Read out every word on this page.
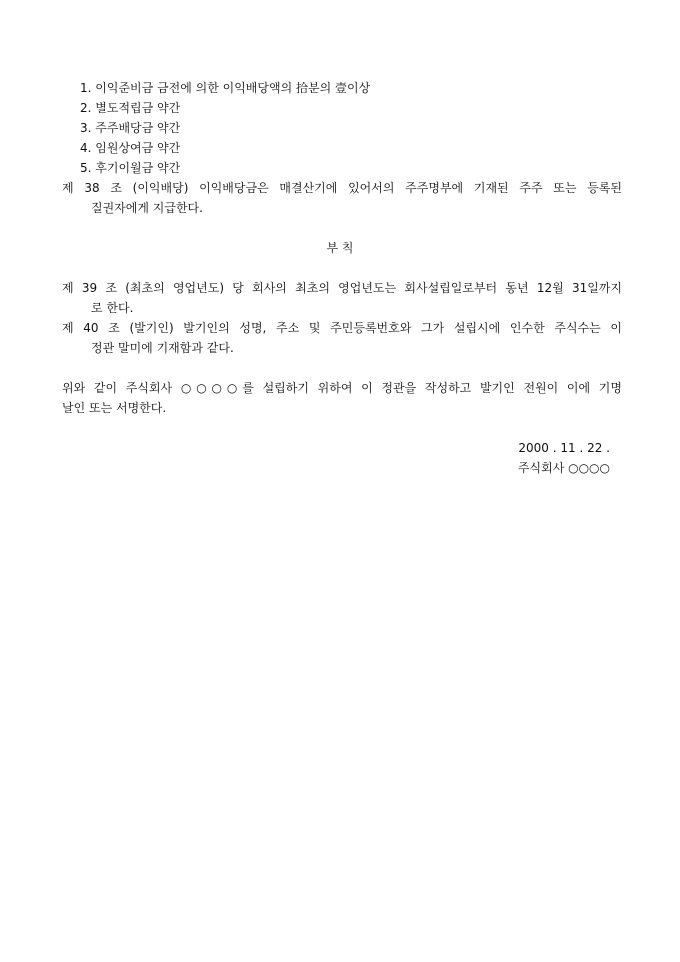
1. 이익준비금 금전에 의한 이익배당액의 拾분의 壹이상
2. 별도적립금 약간
3. 주주배당금 약간
4. 임원상여금 약간
5. 후기이월금 약간
제 38 조 (이익배당) 이익배당금은 매결산기에 있어서의 주주명부에 기재된 주주 또는 등록된
질권자에게 지급한다.
부 칙
제 39 조 (최초의 영업년도) 당 회사의 최초의 영업년도는 회사설립일로부터 동년 12월 31일까지
로 한다.
제 40 조 (발기인) 발기인의 성명, 주소 및 주민등록번호와 그가 설립시에 인수한 주식수는 이
정관 말미에 기재함과 같다.
위와 같이 주식회사 ○○○○를 설립하기 위하여 이 정관을 작성하고 발기인 전원이 이에 기명
날인 또는 서명한다.
2000 . 11 . 22 .
주식회사 ○○○○
